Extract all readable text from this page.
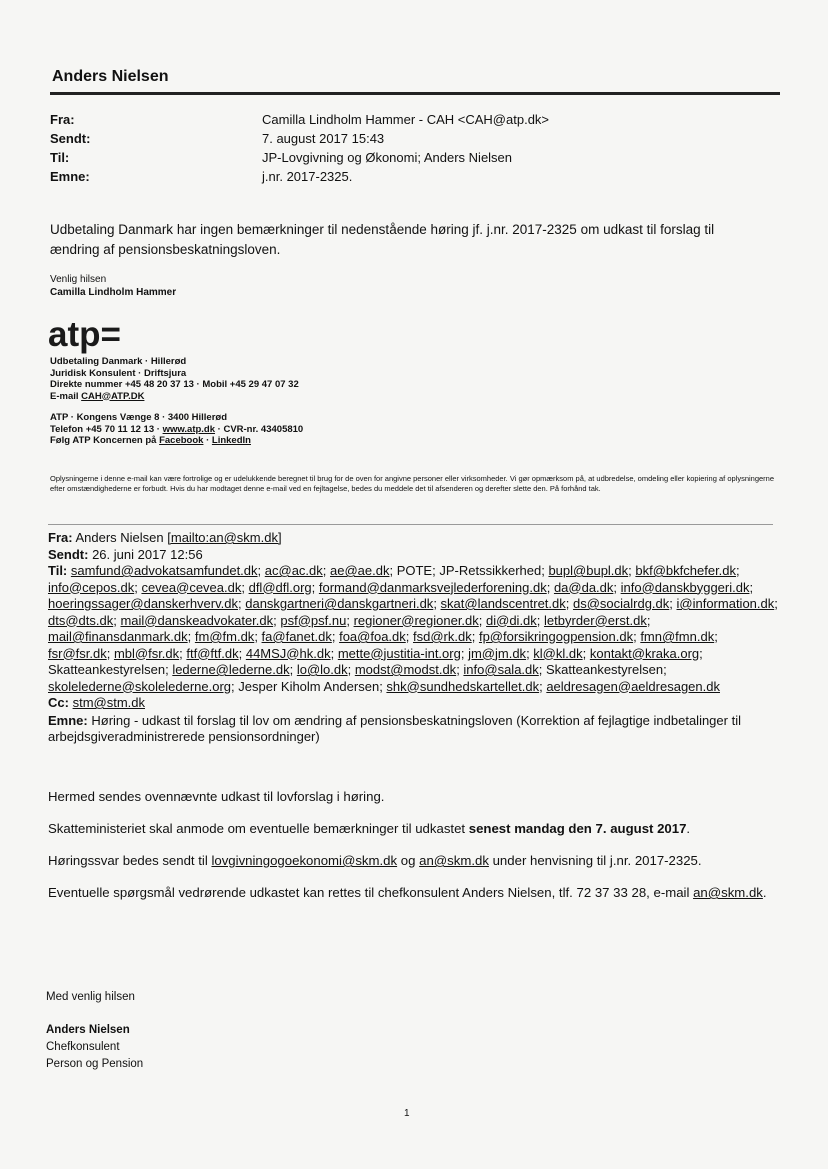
Anders Nielsen
Fra:
Sendt:
Til:
Emne:
Camilla Lindholm Hammer - CAH <CAH@atp.dk>
7. august 2017 15:43
JP-Lovgivning og Økonomi; Anders Nielsen
j.nr. 2017-2325.
Udbetaling Danmark har ingen bemærkninger til nedenstående høring jf. j.nr. 2017-2325 om udkast til forslag til ændring af pensionsbeskatningsloven.
Venlig hilsen
Camilla Lindholm Hammer
atp=
Udbetaling Danmark · Hillerød
Juridisk Konsulent · Driftsjura
Direkte nummer +45 48 20 37 13 · Mobil +45 29 47 07 32
E-mail CAH@ATP.DK
ATP · Kongens Vænge 8 · 3400 Hillerød
Telefon +45 70 11 12 13 · www.atp.dk · CVR-nr. 43405810
Følg ATP Koncernen på Facebook · LinkedIn
Oplysningerne i denne e-mail kan være fortrolige og er udelukkende beregnet til brug for de oven for angivne personer eller virksomheder. Vi gør opmærksom på, at udbredelse, omdeling eller kopiering af oplysningerne efter omstændighederne er forbudt. Hvis du har modtaget denne e-mail ved en fejltagelse, bedes du meddele det til afsenderen og derefter slette den. På forhånd tak.
Fra: Anders Nielsen [mailto:an@skm.dk]
Sendt: 26. juni 2017 12:56
Til: samfund@advokatsamfundet.dk; ac@ac.dk; ae@ae.dk; POTE; JP-Retssikkerhed; bupl@bupl.dk; bkf@bkfchefer.dk; info@cepos.dk; cevea@cevea.dk; dfl@dfl.org; formand@danmarksvejlederforening.dk; da@da.dk; info@danskbyggeri.dk; hoeringssager@danskerhverv.dk; danskgartneri@danskgartneri.dk; skat@landscentret.dk; ds@socialrdg.dk; i@information.dk; dts@dts.dk; mail@danskeadvokater.dk; psf@psf.nu; regioner@regioner.dk; di@di.dk; letbyrder@erst.dk; mail@finansdanmark.dk; fm@fm.dk; fa@fanet.dk; foa@foa.dk; fsd@rk.dk; fp@forsikringogpension.dk; fmn@fmn.dk; fsr@fsr.dk; mbl@fsr.dk; ftf@ftf.dk; 44MSJ@hk.dk; mette@justitia-int.org; jm@jm.dk; kl@kl.dk; kontakt@kraka.org; Skatteankestyrelsen; lederne@lederne.dk; lo@lo.dk; modst@modst.dk; info@sala.dk; Skatteankestyrelsen; skolelederne@skolelederne.org; Jesper Kiholm Andersen; shk@sundhedskartellet.dk; aeldresagen@aeldresagen.dk
Cc: stm@stm.dk
Emne: Høring - udkast til forslag til lov om ændring af pensionsbeskatningsloven (Korrektion af fejlagtige indbetalinger til arbejdsgiveradministrerede pensionsordninger)

Hermed sendes ovennævnte udkast til lovforslag i høring.

Skatteministeriet skal anmode om eventuelle bemærkninger til udkastet senest mandag den 7. august 2017.

Høringssvar bedes sendt til lovgivningogoekonomi@skm.dk og an@skm.dk under henvisning til j.nr. 2017-2325.

Eventuelle spørgsmål vedrørende udkastet kan rettes til chefkonsulent Anders Nielsen, tlf. 72 37 33 28, e-mail an@skm.dk.

Med venlig hilsen
Anders Nielsen
Chefkonsulent
Person og Pension
1
